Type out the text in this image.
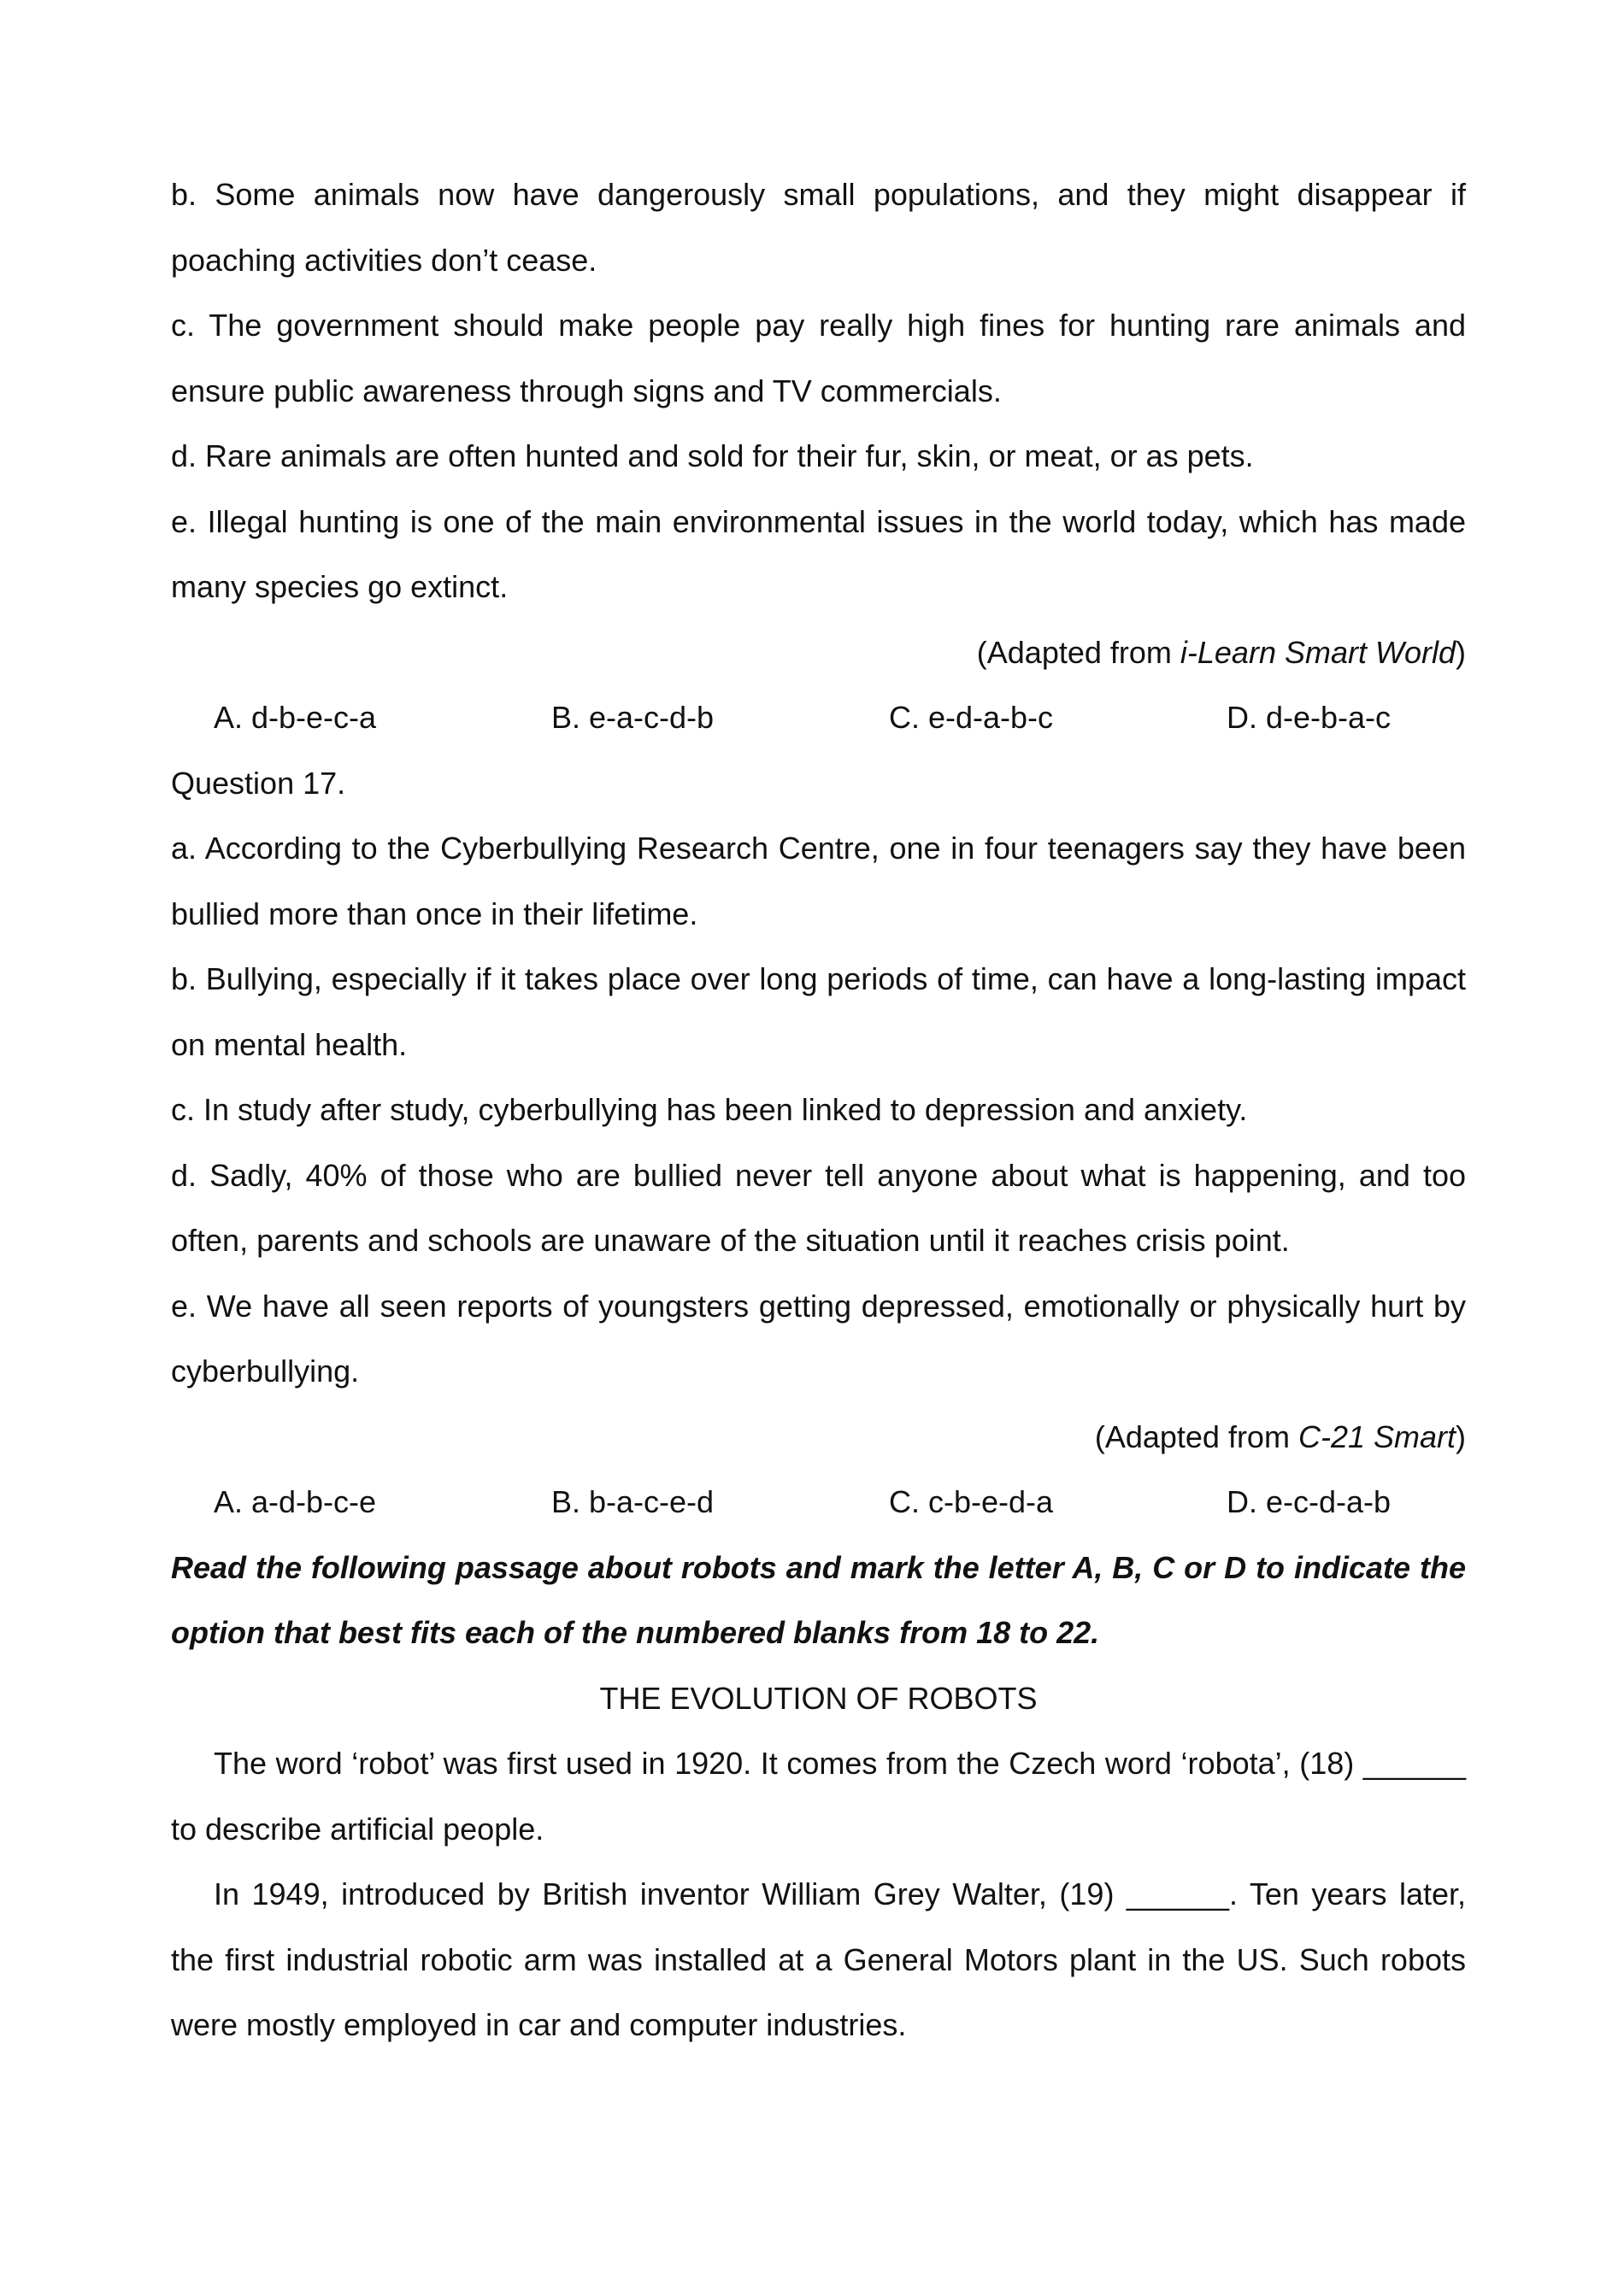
b. Some animals now have dangerously small populations, and they might disappear if poaching activities don’t cease.

c. The government should make people pay really high fines for hunting rare animals and ensure public awareness through signs and TV commercials.

d. Rare animals are often hunted and sold for their fur, skin, or meat, or as pets.

e. Illegal hunting is one of the main environmental issues in the world today, which has made many species go extinct.

(Adapted from i-Learn Smart World)

A. d-b-e-c-a	B. e-a-c-d-b	C. e-d-a-b-c	D. d-e-b-a-c

Question 17.

a. According to the Cyberbullying Research Centre, one in four teenagers say they have been bullied more than once in their lifetime.

b. Bullying, especially if it takes place over long periods of time, can have a long-lasting impact on mental health.

c. In study after study, cyberbullying has been linked to depression and anxiety.

d. Sadly, 40% of those who are bullied never tell anyone about what is happening, and too often, parents and schools are unaware of the situation until it reaches crisis point.

e. We have all seen reports of youngsters getting depressed, emotionally or physically hurt by cyberbullying.

(Adapted from C-21 Smart)

A. a-d-b-c-e	B. b-a-c-e-d	C. c-b-e-d-a	D. e-c-d-a-b

Read the following passage about robots and mark the letter A, B, C or D to indicate the option that best fits each of the numbered blanks from 18 to 22.

THE EVOLUTION OF ROBOTS

The word ‘robot’ was first used in 1920. It comes from the Czech word ‘robota’, (18) ______ to describe artificial people.

In 1949, introduced by British inventor William Grey Walter, (19) ______. Ten years later, the first industrial robotic arm was installed at a General Motors plant in the US. Such robots were mostly employed in car and computer industries.
